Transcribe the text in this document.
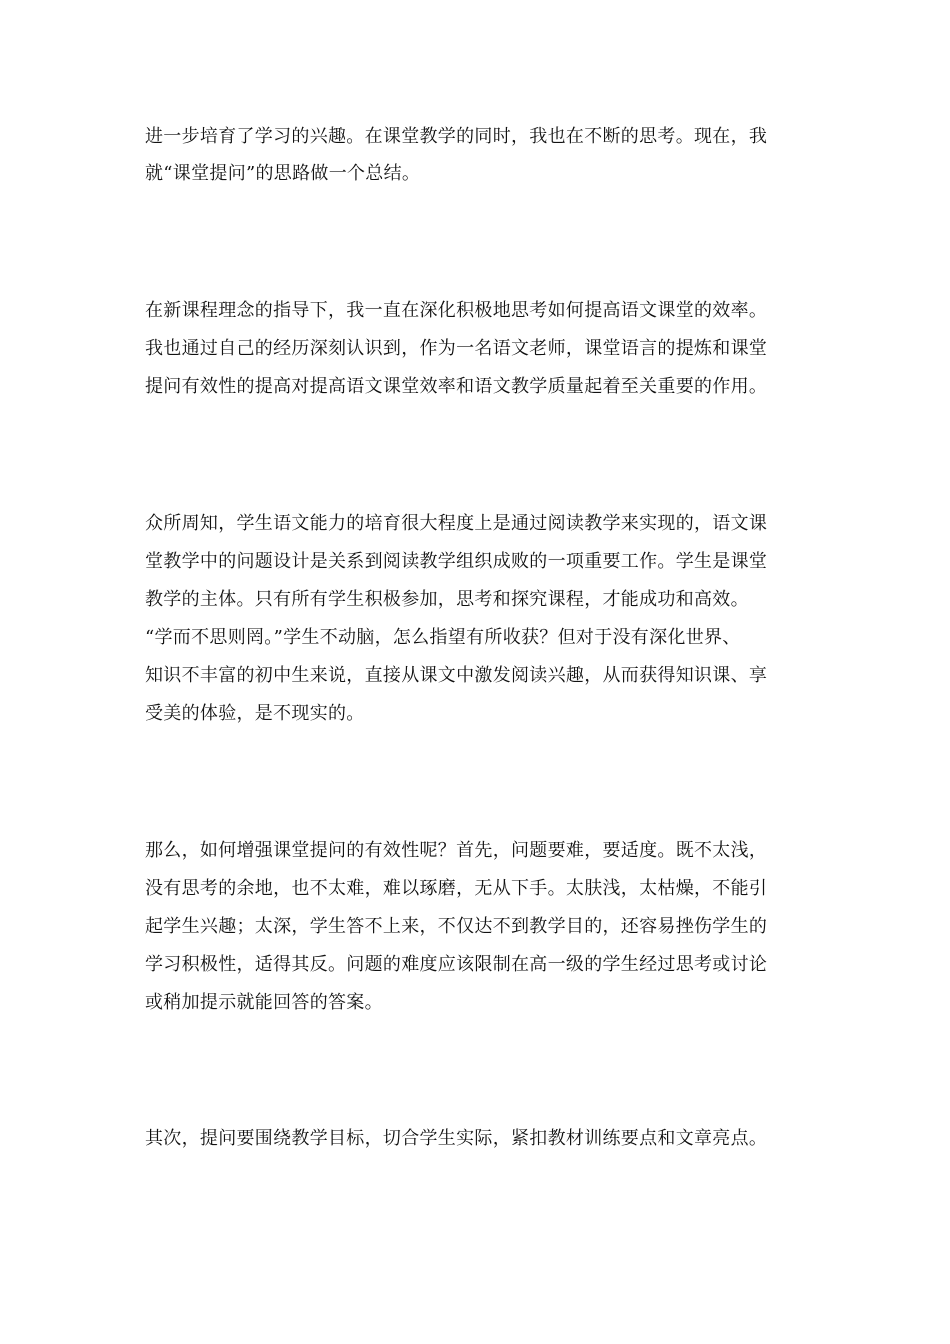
进一步培育了学习的兴趣。在课堂教学的同时，我也在不断的思考。现在，我

就“课堂提问”的思路做一个总结。

在新课程理念的指导下，我一直在深化积极地思考如何提高语文课堂的效率。

我也通过自己的经历深刻认识到，作为一名语文老师，课堂语言的提炼和课堂

提问有效性的提高对提高语文课堂效率和语文教学质量起着至关重要的作用。

众所周知，学生语文能力的培育很大程度上是通过阅读教学来实现的，语文课

堂教学中的问题设计是关系到阅读教学组织成败的一项重要工作。学生是课堂

教学的主体。只有所有学生积极参加，思考和探究课程，才能成功和高效。

“学而不思则罔。”学生不动脑，怎么指望有所收获？但对于没有深化世界、

知识不丰富的初中生来说，直接从课文中激发阅读兴趣，从而获得知识课、享

受美的体验，是不现实的。

那么，如何增强课堂提问的有效性呢？首先，问题要难，要适度。既不太浅，

没有思考的余地，也不太难，难以琢磨，无从下手。太肤浅，太枯燥，不能引

起学生兴趣；太深，学生答不上来，不仅达不到教学目的，还容易挫伤学生的

学习积极性，适得其反。问题的难度应该限制在高一级的学生经过思考或讨论

或稍加提示就能回答的答案。

其次，提问要围绕教学目标，切合学生实际，紧扣教材训练要点和文章亮点。
